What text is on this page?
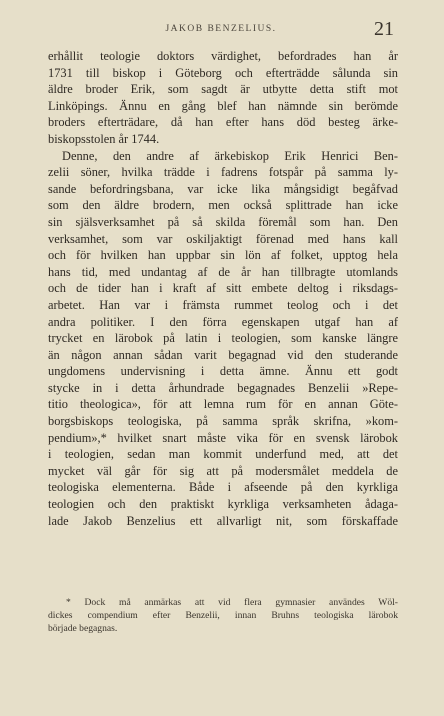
JAKOB BENZELIUS.	21
erhållit teologie doktors värdighet, befordrades han år
1731 till biskop i Göteborg och efterträdde sålunda sin
äldre broder Erik, som sagdt är utbytte detta stift mot
Linköpings. Ännu en gång blef han nämnde sin berömde
broders efterträdare, då han efter hans död besteg ärke-
biskopsstolen år 1744.
Denne, den andre af ärkebiskop Erik Henrici Ben-
zelii söner, hvilka trädde i fadrens fotspår på samma ly-
sande befordringsbana, var icke lika mångsidigt begåfvad
som den äldre brodern, men också splittrade han icke
sin själsverksamhet på så skilda föremål som han. Den
verksamhet, som var oskiljaktigt förenad med hans kall
och för hvilken han uppbar sin lön af folket, upptog hela
hans tid, med undantag af de år han tillbragte utomlands
och de tider han i kraft af sitt embete deltog i riksdags-
arbetet. Han var i främsta rummet teolog och i det
andra politiker. I den förra egenskapen utgaf han af
trycket en lärobok på latin i teologien, som kanske längre
än någon annan sådan varit begagnad vid den studerande
ungdomens undervisning i detta ämne. Ännu ett godt
stycke in i detta århundrade begagnades Benzelii »Repe-
titio theologica», för att lemna rum för en annan Göte-
borgsbiskops teologiska, på samma språk skrifna, »kom-
pendium»,* hvilket snart måste vika för en svensk lärobok
i teologien, sedan man kommit underfund med, att det
mycket väl går för sig att på modersmålet meddela de
teologiska elementerna. Både i afseende på den kyrkliga
teologien och den praktiskt kyrkliga verksamheten ådaga-
lade Jakob Benzelius ett allvarligt nit, som förskaffade
* Dock må anmärkas att vid flera gymnasier användes Wöl-
dickes compendium efter Benzelii, innan Bruhns teologiska lärobok
började begagnas.
